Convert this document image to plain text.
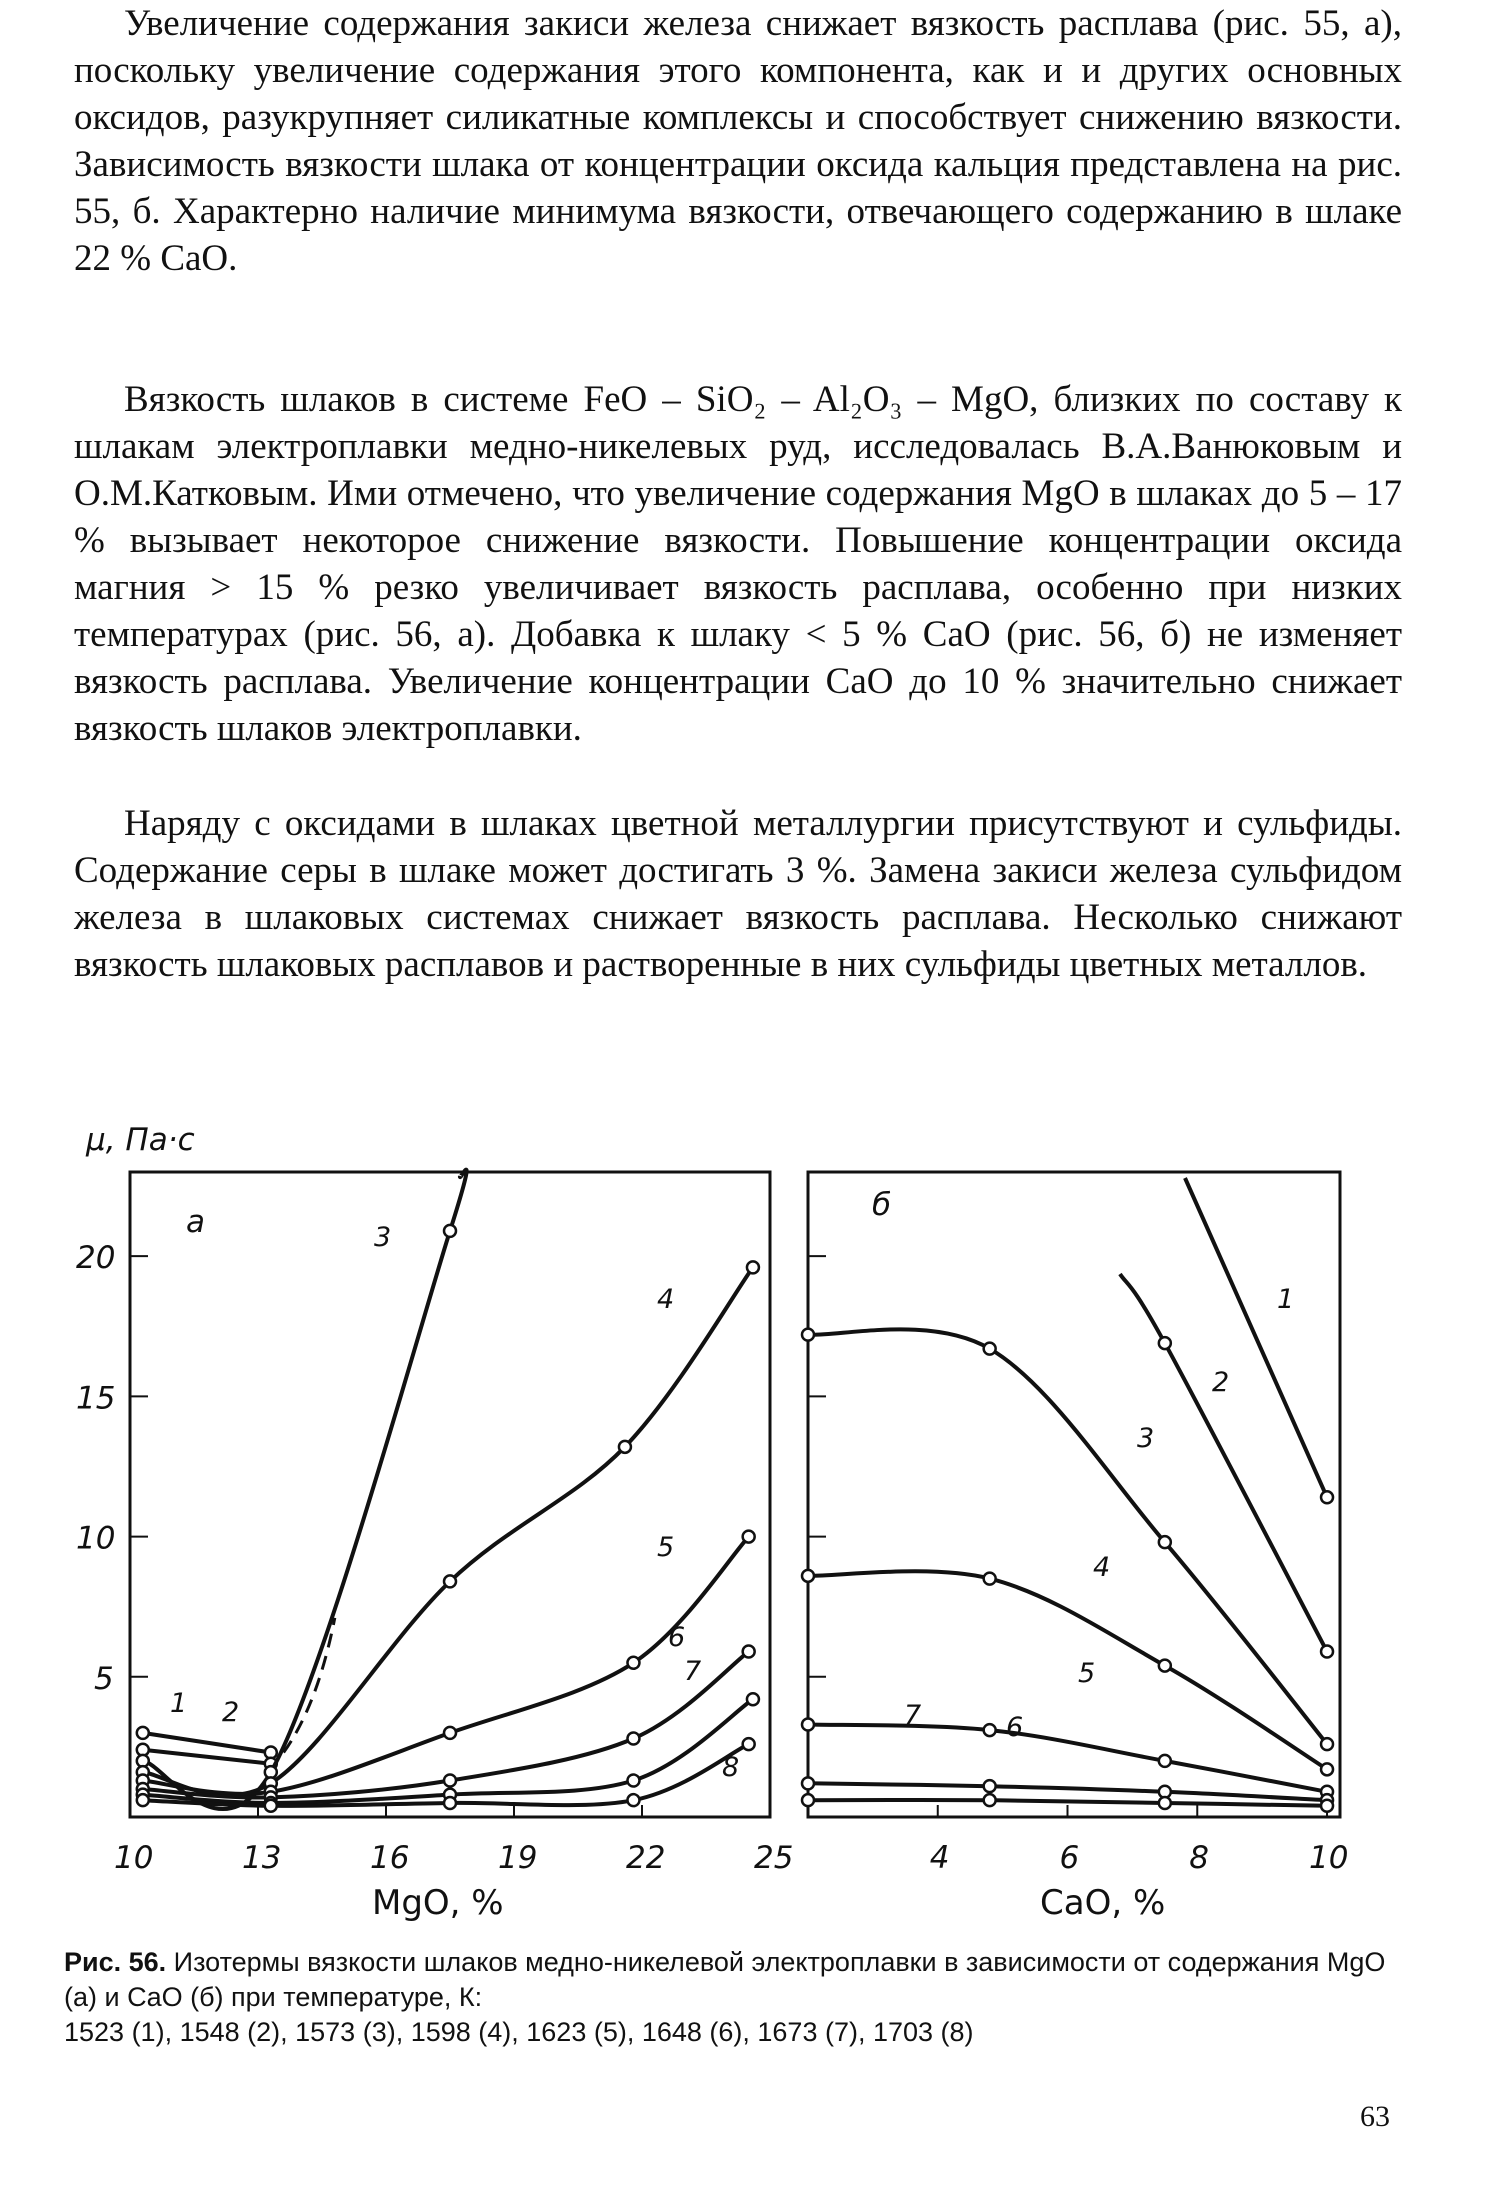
Увеличение содержания закиси железа снижает вязкость расплава (рис. 55, а), поскольку увеличение содержания этого компонента, как и и других основных оксидов, разукрупняет силикатные комплексы и способствует снижению вязкости. Зависимость вязкости шлака от концентрации оксида кальция представлена на рис. 55, б. Характерно наличие минимума вязкости, отвечающего содержанию в шлаке 22 % CaO.

Вязкость шлаков в системе FeO – SiO₂ – Al₂O₃ – MgO, близких по составу к шлакам электроплавки медно-никелевых руд, исследовалась В.А.Ванюковым и О.М.Катковым. Ими отмечено, что увеличение содержания MgO в шлаках до 5 – 17 % вызывает некоторое снижение вязкости. Повышение концентрации оксида магния > 15 % резко увеличивает вязкость расплава, особенно при низких температурах (рис. 56, а). Добавка к шлаку < 5 % CaO (рис. 56, б) не изменяет вязкость расплава. Увеличение концентрации CaO до 10 % значительно снижает вязкость шлаков электроплавки.

Наряду с оксидами в шлаках цветной металлургии присутствуют и сульфиды. Содержание серы в шлаке может достигать 3 %. Замена закиси железа сульфидом железа в шлаковых системах снижает вязкость расплава. Несколько снижают вязкость шлаковых расплавов и растворенные в них сульфиды цветных металлов.

μ, Па·с
а
MgO, %
10	13	16	19	22	25
5
10
15
20
1 2
3
4
5
6
7
8
б
CaO, %
4	6	8	10
1
2
3
4
5
6
7
Рис. 56. Изотермы вязкости шлаков медно-никелевой электроплавки в зависимости от содержания MgO (а) и CaO (б) при температуре, К:
1523 (1), 1548 (2), 1573 (3), 1598 (4), 1623 (5), 1648 (6), 1673 (7), 1703 (8)
63
